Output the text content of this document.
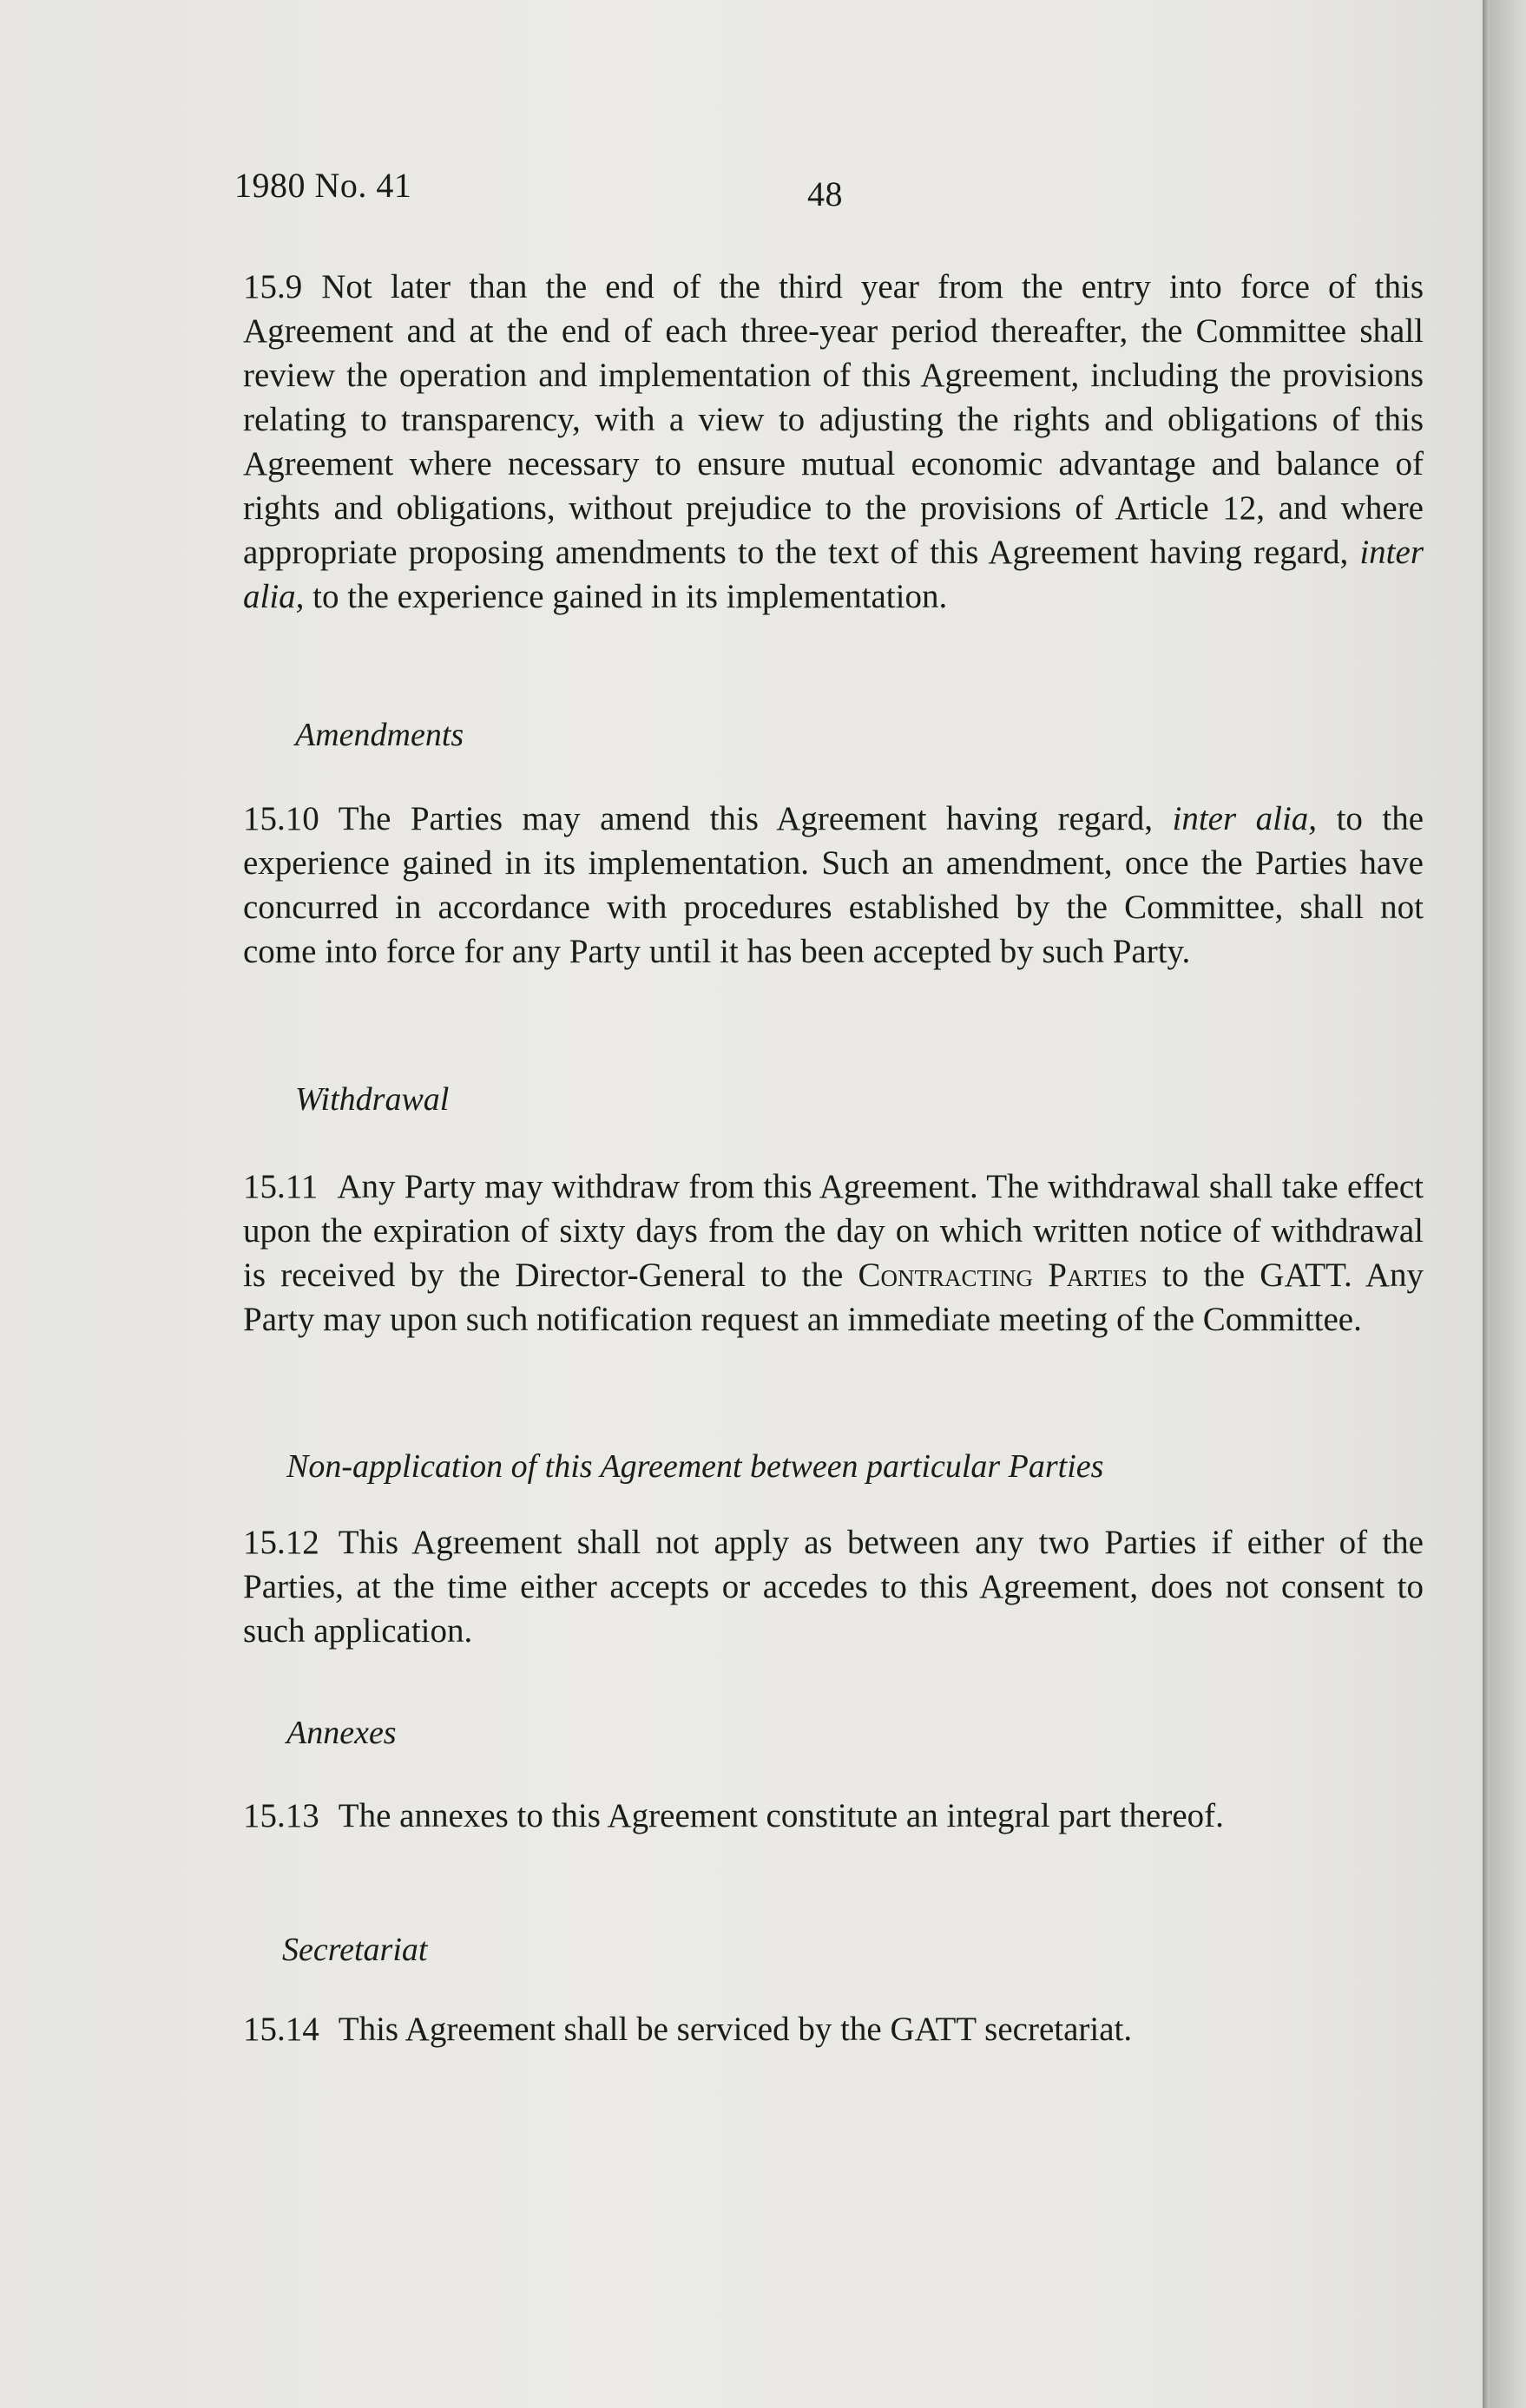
1980 No. 41	48

15.9 Not later than the end of the third year from the entry into force of this Agreement and at the end of each three-year period thereafter, the Committee shall review the operation and implementation of this Agreement, including the provisions relating to transparency, with a view to adjusting the rights and obligations of this Agreement where necessary to ensure mutual economic advantage and balance of rights and obligations, without prejudice to the provisions of Article 12, and where appropriate proposing amendments to the text of this Agreement having regard, inter alia, to the experience gained in its implementation.

Amendments

15.10 The Parties may amend this Agreement having regard, inter alia, to the experience gained in its implementation. Such an amendment, once the Parties have concurred in accordance with procedures established by the Committee, shall not come into force for any Party until it has been accepted by such Party.

Withdrawal

15.11 Any Party may withdraw from this Agreement. The withdrawal shall take effect upon the expiration of sixty days from the day on which written notice of withdrawal is received by the Director-General to the Contracting Parties to the GATT. Any Party may upon such notification request an immediate meeting of the Committee.

Non-application of this Agreement between particular Parties

15.12 This Agreement shall not apply as between any two Parties if either of the Parties, at the time either accepts or accedes to this Agreement, does not consent to such application.

Annexes

15.13 The annexes to this Agreement constitute an integral part thereof.

Secretariat

15.14 This Agreement shall be serviced by the GATT secretariat.
